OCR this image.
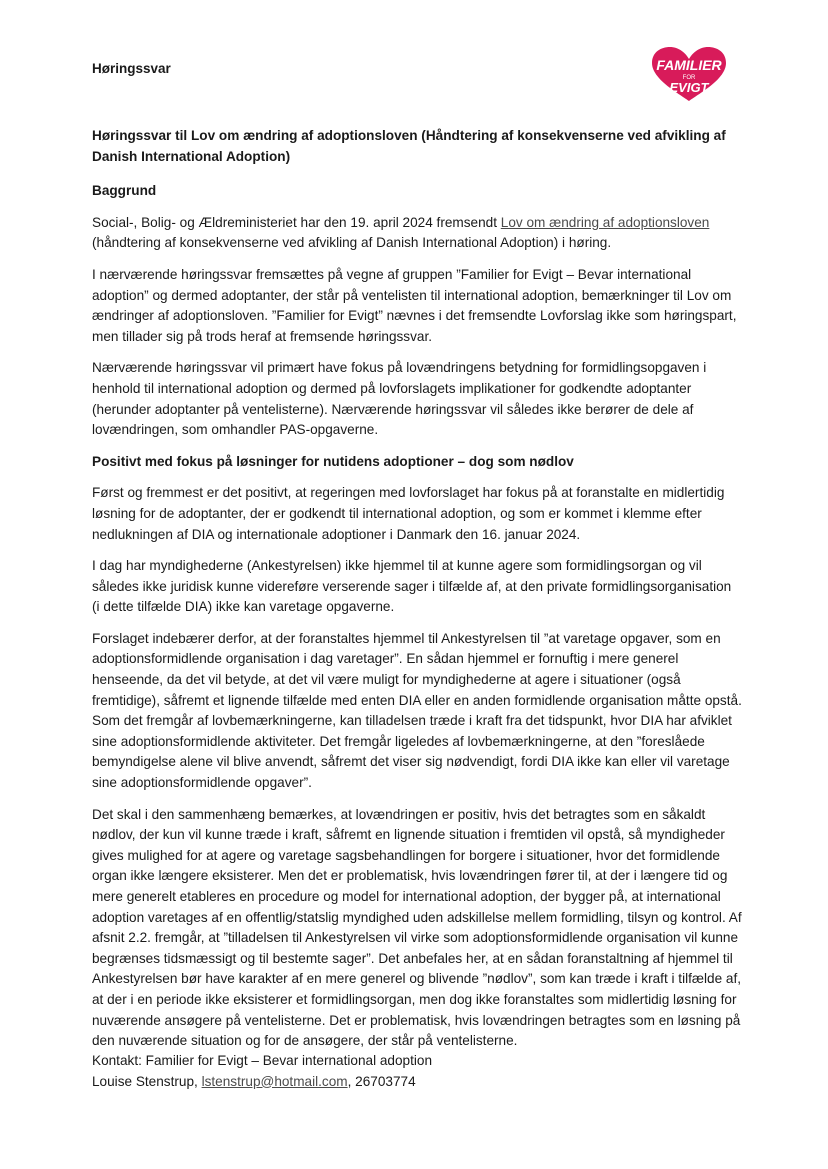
Høringssvar	FAMILIER
FOR
EVIGT
Høringssvar til Lov om ændring af adoptionsloven (Håndtering af konsekvenserne ved afvikling af Danish International Adoption)
Baggrund

Social-, Bolig- og Ældreministeriet har den 19. april 2024 fremsendt Lov om ændring af adoptionsloven (håndtering af konsekvenserne ved afvikling af Danish International Adoption) i høring.

I nærværende høringssvar fremsættes på vegne af gruppen ”Familier for Evigt – Bevar international adoption” og dermed adoptanter, der står på ventelisten til international adoption, bemærkninger til Lov om ændringer af adoptionsloven. ”Familier for Evigt” nævnes i det fremsendte Lovforslag ikke som høringspart, men tillader sig på trods heraf at fremsende høringssvar.

Nærværende høringssvar vil primært have fokus på lovændringens betydning for formidlingsopgaven i henhold til international adoption og dermed på lovforslagets implikationer for godkendte adoptanter (herunder adoptanter på ventelisterne). Nærværende høringssvar vil således ikke berører de dele af lovændringen, som omhandler PAS-opgaverne.

Positivt med fokus på løsninger for nutidens adoptioner – dog som nødlov

Først og fremmest er det positivt, at regeringen med lovforslaget har fokus på at foranstalte en midlertidig løsning for de adoptanter, der er godkendt til international adoption, og som er kommet i klemme efter nedlukningen af DIA og internationale adoptioner i Danmark den 16. januar 2024.

I dag har myndighederne (Ankestyrelsen) ikke hjemmel til at kunne agere som formidlingsorgan og vil således ikke juridisk kunne videreføre verserende sager i tilfælde af, at den private formidlingsorganisation (i dette tilfælde DIA) ikke kan varetage opgaverne.

Forslaget indebærer derfor, at der foranstaltes hjemmel til Ankestyrelsen til ”at varetage opgaver, som en adoptionsformidlende organisation i dag varetager”. En sådan hjemmel er fornuftig i mere generel henseende, da det vil betyde, at det vil være muligt for myndighederne at agere i situationer (også fremtidige), såfremt et lignende tilfælde med enten DIA eller en anden formidlende organisation måtte opstå. Som det fremgår af lovbemærkningerne, kan tilladelsen træde i kraft fra det tidspunkt, hvor DIA har afviklet sine adoptionsformidlende aktiviteter. Det fremgår ligeledes af lovbemærkningerne, at den ”foreslåede bemyndigelse alene vil blive anvendt, såfremt det viser sig nødvendigt, fordi DIA ikke kan eller vil varetage sine adoptionsformidlende opgaver”.

Det skal i den sammenhæng bemærkes, at lovændringen er positiv, hvis det betragtes som en såkaldt nødlov, der kun vil kunne træde i kraft, såfremt en lignende situation i fremtiden vil opstå, så myndigheder gives mulighed for at agere og varetage sagsbehandlingen for borgere i situationer, hvor det formidlende organ ikke længere eksisterer. Men det er problematisk, hvis lovændringen fører til, at der i længere tid og mere generelt etableres en procedure og model for international adoption, der bygger på, at international adoption varetages af en offentlig/statslig myndighed uden adskillelse mellem formidling, tilsyn og kontrol. Af afsnit 2.2. fremgår, at ”tilladelsen til Ankestyrelsen vil virke som adoptionsformidlende organisation vil kunne begrænses tidsmæssigt og til bestemte sager”. Det anbefales her, at en sådan foranstaltning af hjemmel til Ankestyrelsen bør have karakter af en mere generel og blivende ”nødlov”, som kan træde i kraft i tilfælde af, at der i en periode ikke eksisterer et formidlingsorgan, men dog ikke foranstaltes som midlertidig løsning for nuværende ansøgere på ventelisterne. Det er problematisk, hvis lovændringen betragtes som en løsning på den nuværende situation og for de ansøgere, der står på ventelisterne.

Kontakt: Familier for Evigt – Bevar international adoption
Louise Stenstrup, lstenstrup@hotmail.com, 26703774
